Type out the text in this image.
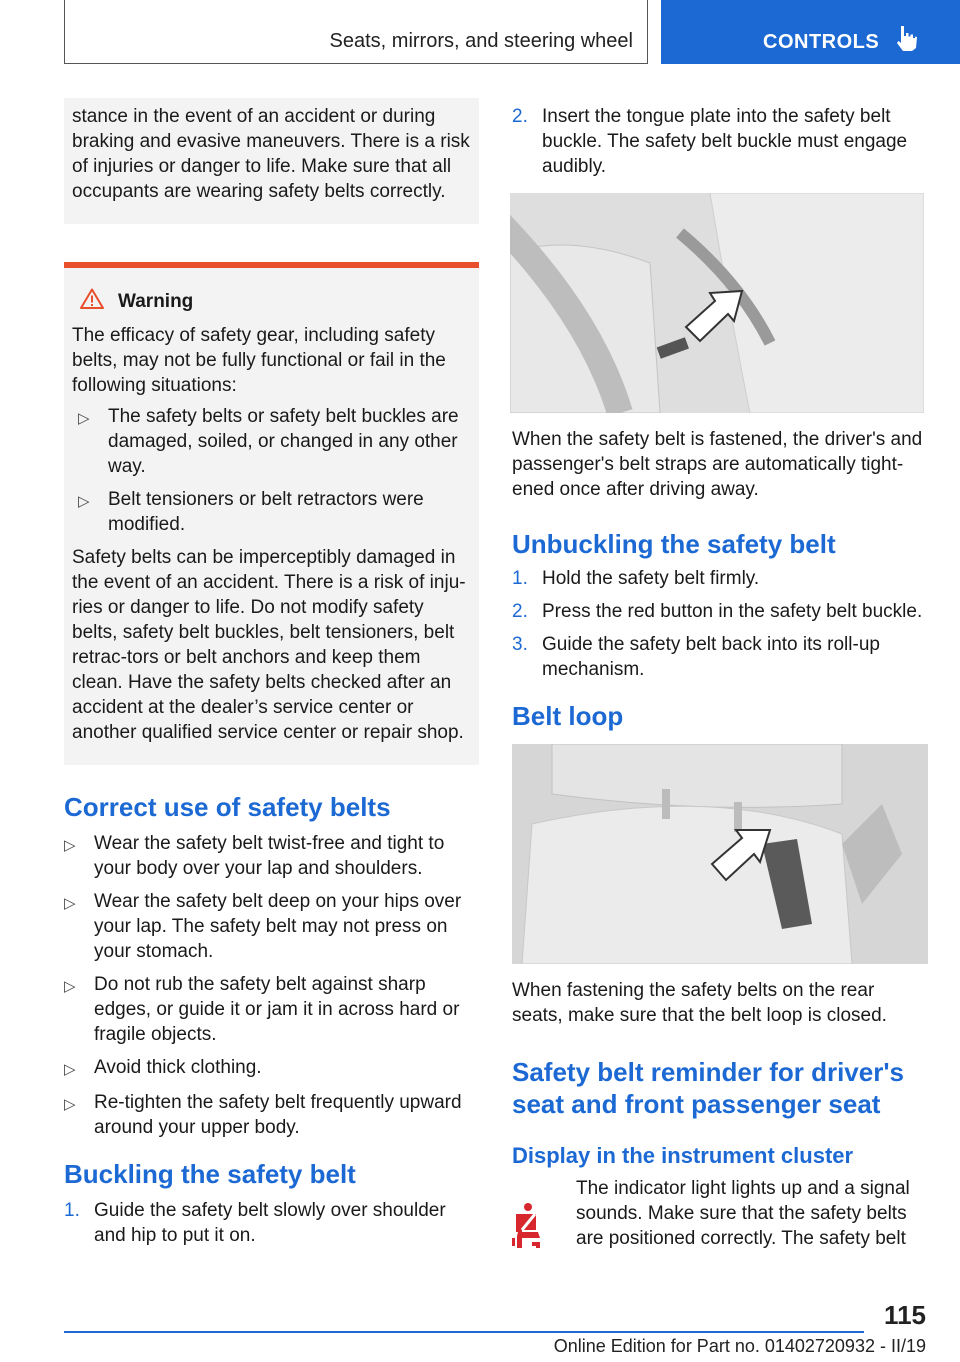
Seats, mirrors, and steering wheel	CONTROLS

stance in the event of an accident or during braking and evasive maneuvers. There is a risk of injuries or danger to life. Make sure that all occupants are wearing safety belts correctly.

Warning

The efficacy of safety gear, including safety belts, may not be fully functional or fail in the following situations:

▷ The safety belts or safety belt buckles are damaged, soiled, or changed in any other way.
▷ Belt tensioners or belt retractors were modified.

Safety belts can be imperceptibly damaged in the event of an accident. There is a risk of inju-ries or danger to life. Do not modify safety belts, safety belt buckles, belt tensioners, belt retrac-tors or belt anchors and keep them clean. Have the safety belts checked after an accident at the dealer’s service center or another qualified service center or repair shop.

Correct use of safety belts
▷ Wear the safety belt twist-free and tight to your body over your lap and shoulders.
▷ Wear the safety belt deep on your hips over your lap. The safety belt may not press on your stomach.
▷ Do not rub the safety belt against sharp edges, or guide it or jam it in across hard or fragile objects.
▷ Avoid thick clothing.
▷ Re-tighten the safety belt frequently upward around your upper body.
Buckling the safety belt
1. Guide the safety belt slowly over shoulder and hip to put it on.
2. Insert the tongue plate into the safety belt buckle. The safety belt buckle must engage audibly.

When the safety belt is fastened, the driver's and passenger's belt straps are automatically tight-ened once after driving away.

Unbuckling the safety belt
1. Hold the safety belt firmly.
2. Press the red button in the safety belt buckle.
3. Guide the safety belt back into its roll-up mechanism.
Belt loop

When fastening the safety belts on the rear seats, make sure that the belt loop is closed.

Safety belt reminder for driver's seat and front passenger seat
Display in the instrument cluster

The indicator light lights up and a signal sounds. Make sure that the safety belts are positioned correctly. The safety belt

115
Online Edition for Part no. 01402720932 - II/19
